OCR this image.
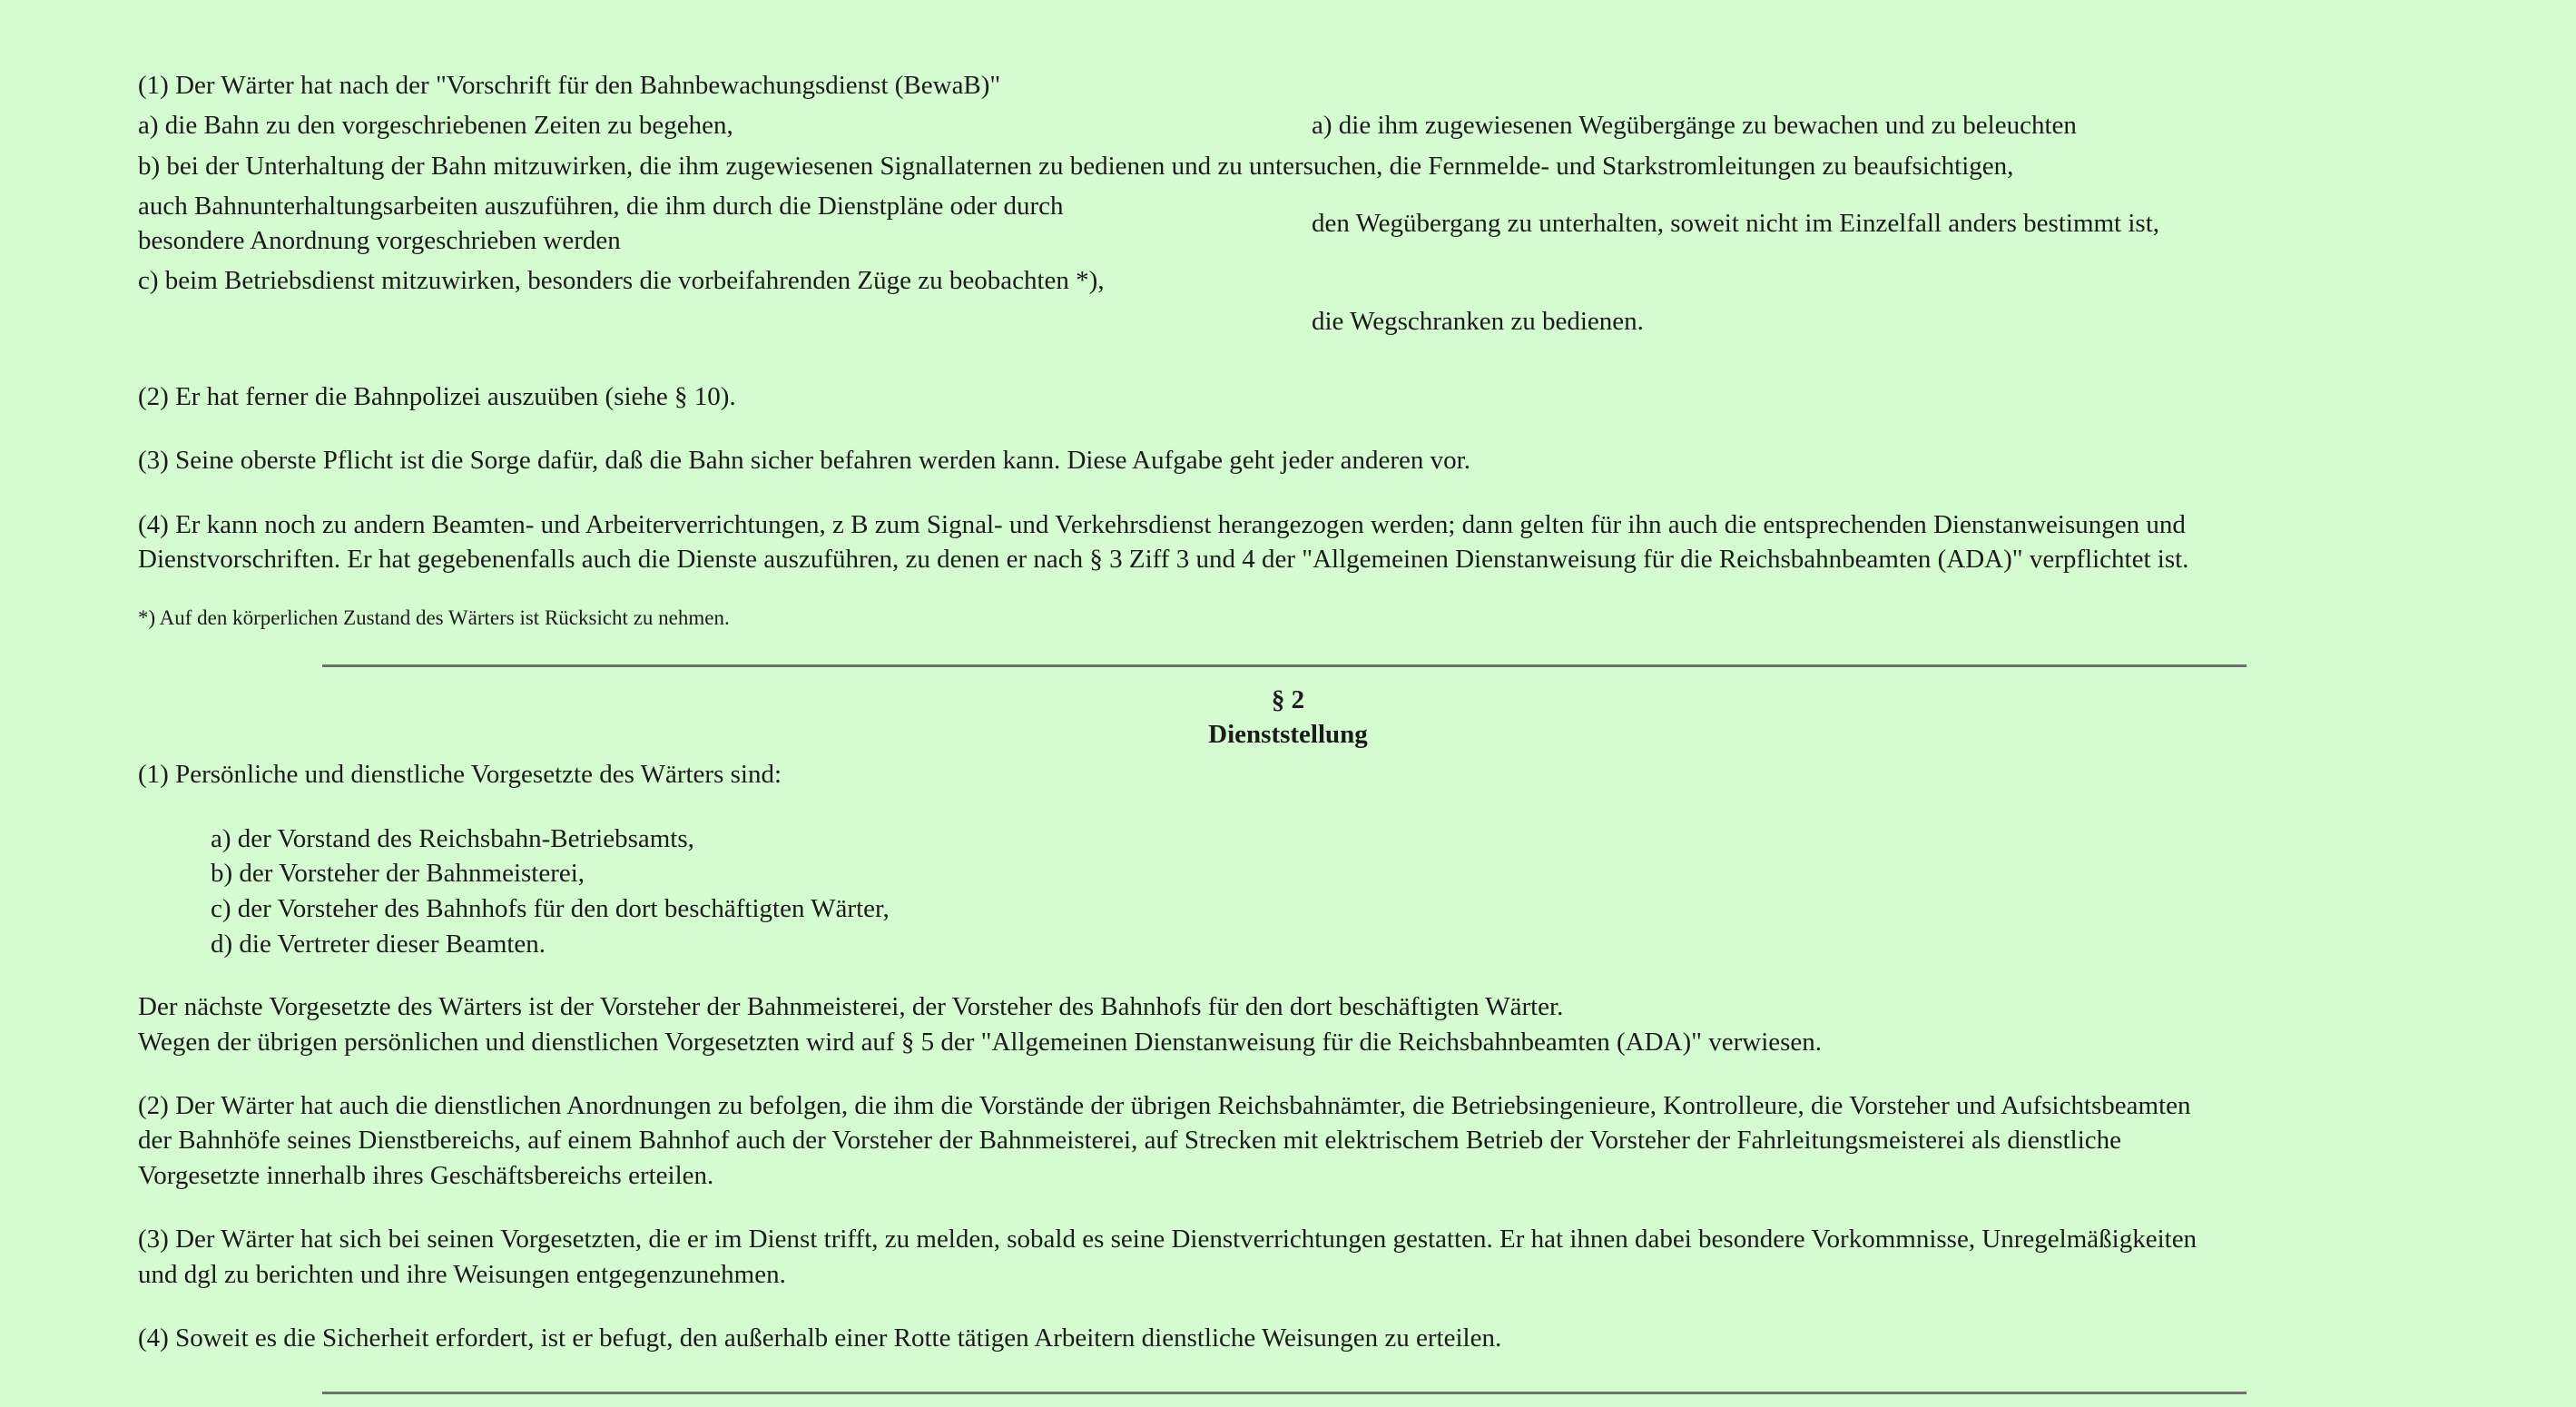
(1) Der Wärter hat nach der "Vorschrift für den Bahnbewachungsdienst (BewaB)"
a) die Bahn zu den vorgeschriebenen Zeiten zu begehen,	a) die ihm zugewiesenen Wegübergänge zu bewachen und zu beleuchten
b) bei der Unterhaltung der Bahn mitzuwirken, die ihm zugewiesenen Signallaternen zu bedienen und zu untersuchen, die Fernmelde- und Starkstromleitungen zu beaufsichtigen,
auch Bahnunterhaltungsarbeiten auszuführen, die ihm durch die Dienstpläne oder durch
besondere Anordnung vorgeschrieben werden
den Wegübergang zu unterhalten, soweit nicht im Einzelfall anders bestimmt ist,
c) beim Betriebsdienst mitzuwirken, besonders die vorbeifahrenden Züge zu beobachten *),
die Wegschranken zu bedienen.
(2) Er hat ferner die Bahnpolizei auszuüben (siehe § 10).
(3) Seine oberste Pflicht ist die Sorge dafür, daß die Bahn sicher befahren werden kann. Diese Aufgabe geht jeder anderen vor.
(4) Er kann noch zu andern Beamten- und Arbeiterverrichtungen, z B zum Signal- und Verkehrsdienst herangezogen werden; dann gelten für ihn auch die entsprechenden Dienstanweisungen und
Dienstvorschriften. Er hat gegebenenfalls auch die Dienste auszuführen, zu denen er nach § 3 Ziff 3 und 4 der "Allgemeinen Dienstanweisung für die Reichsbahnbeamten (ADA)" verpflichtet ist.
*) Auf den körperlichen Zustand des Wärters ist Rücksicht zu nehmen.
§ 2
Dienststellung
(1) Persönliche und dienstliche Vorgesetzte des Wärters sind:
a) der Vorstand des Reichsbahn-Betriebsamts,
b) der Vorsteher der Bahnmeisterei,
c) der Vorsteher des Bahnhofs für den dort beschäftigten Wärter,
d) die Vertreter dieser Beamten.
Der nächste Vorgesetzte des Wärters ist der Vorsteher der Bahnmeisterei, der Vorsteher des Bahnhofs für den dort beschäftigten Wärter.
Wegen der übrigen persönlichen und dienstlichen Vorgesetzten wird auf § 5 der "Allgemeinen Dienstanweisung für die Reichsbahnbeamten (ADA)" verwiesen.
(2) Der Wärter hat auch die dienstlichen Anordnungen zu befolgen, die ihm die Vorstände der übrigen Reichsbahnämter, die Betriebsingenieure, Kontrolleure, die Vorsteher und Aufsichtsbeamten
der Bahnhöfe seines Dienstbereichs, auf einem Bahnhof auch der Vorsteher der Bahnmeisterei, auf Strecken mit elektrischem Betrieb der Vorsteher der Fahrleitungsmeisterei als dienstliche
Vorgesetzte innerhalb ihres Geschäftsbereichs erteilen.
(3) Der Wärter hat sich bei seinen Vorgesetzten, die er im Dienst trifft, zu melden, sobald es seine Dienstverrichtungen gestatten. Er hat ihnen dabei besondere Vorkommnisse, Unregelmäßigkeiten
und dgl zu berichten und ihre Weisungen entgegenzunehmen.
(4) Soweit es die Sicherheit erfordert, ist er befugt, den außerhalb einer Rotte tätigen Arbeitern dienstliche Weisungen zu erteilen.
